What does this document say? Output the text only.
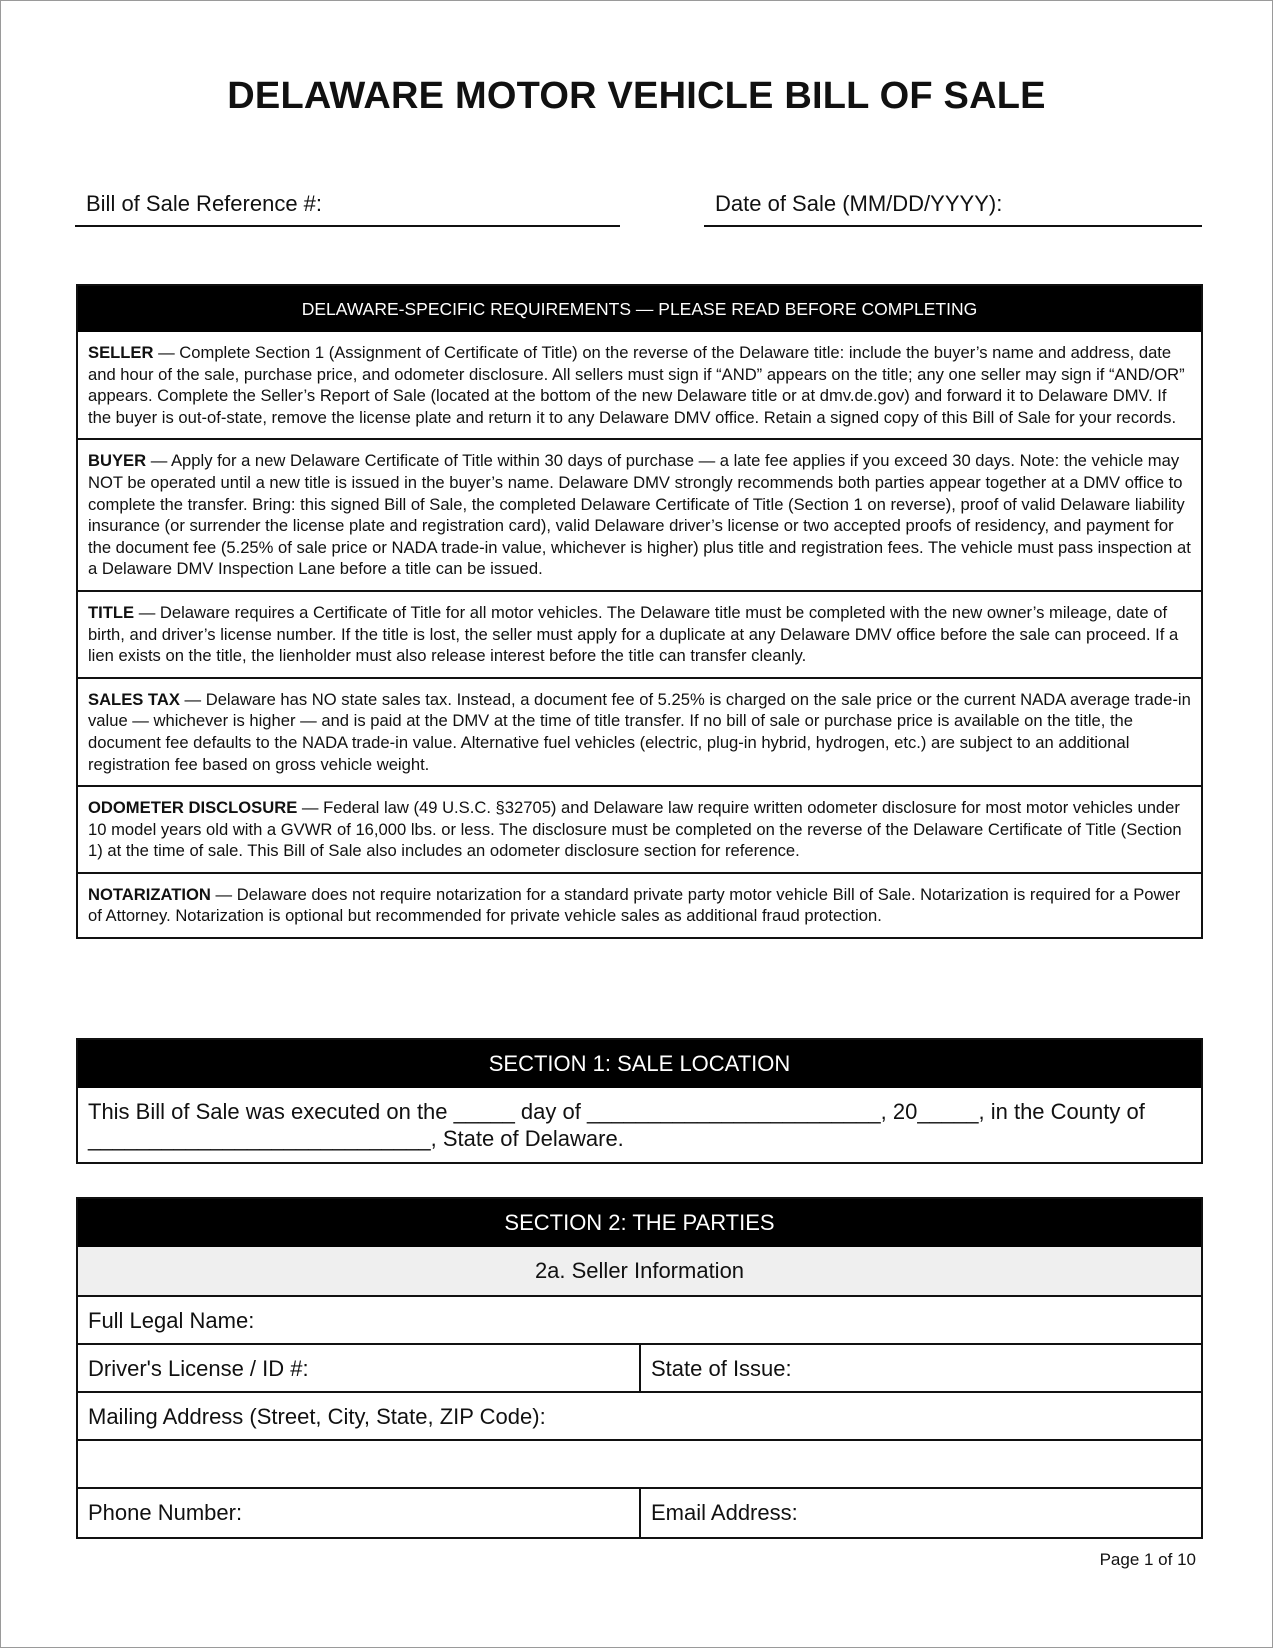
DELAWARE MOTOR VEHICLE BILL OF SALE
Bill of Sale Reference #:	Date of Sale (MM/DD/YYYY):
DELAWARE-SPECIFIC REQUIREMENTS — PLEASE READ BEFORE COMPLETING
SELLER — Complete Section 1 (Assignment of Certificate of Title) on the reverse of the Delaware title: include the buyer’s name and address, date and hour of the sale, purchase price, and odometer disclosure. All sellers must sign if “AND” appears on the title; any one seller may sign if “AND/OR” appears. Complete the Seller’s Report of Sale (located at the bottom of the new Delaware title or at dmv.de.gov) and forward it to Delaware DMV. If the buyer is out-of-state, remove the license plate and return it to any Delaware DMV office. Retain a signed copy of this Bill of Sale for your records.
BUYER — Apply for a new Delaware Certificate of Title within 30 days of purchase — a late fee applies if you exceed 30 days. Note: the vehicle may NOT be operated until a new title is issued in the buyer’s name. Delaware DMV strongly recommends both parties appear together at a DMV office to complete the transfer. Bring: this signed Bill of Sale, the completed Delaware Certificate of Title (Section 1 on reverse), proof of valid Delaware liability insurance (or surrender the license plate and registration card), valid Delaware driver’s license or two accepted proofs of residency, and payment for the document fee (5.25% of sale price or NADA trade-in value, whichever is higher) plus title and registration fees. The vehicle must pass inspection at a Delaware DMV Inspection Lane before a title can be issued.
TITLE — Delaware requires a Certificate of Title for all motor vehicles. The Delaware title must be completed with the new owner’s mileage, date of birth, and driver’s license number. If the title is lost, the seller must apply for a duplicate at any Delaware DMV office before the sale can proceed. If a lien exists on the title, the lienholder must also release interest before the title can transfer cleanly.
SALES TAX — Delaware has NO state sales tax. Instead, a document fee of 5.25% is charged on the sale price or the current NADA average trade-in value — whichever is higher — and is paid at the DMV at the time of title transfer. If no bill of sale or purchase price is available on the title, the document fee defaults to the NADA trade-in value. Alternative fuel vehicles (electric, plug-in hybrid, hydrogen, etc.) are subject to an additional registration fee based on gross vehicle weight.
ODOMETER DISCLOSURE — Federal law (49 U.S.C. §32705) and Delaware law require written odometer disclosure for most motor vehicles under 10 model years old with a GVWR of 16,000 lbs. or less. The disclosure must be completed on the reverse of the Delaware Certificate of Title (Section 1) at the time of sale. This Bill of Sale also includes an odometer disclosure section for reference.
NOTARIZATION — Delaware does not require notarization for a standard private party motor vehicle Bill of Sale. Notarization is required for a Power of Attorney. Notarization is optional but recommended for private vehicle sales as additional fraud protection.
SECTION 1: SALE LOCATION
This Bill of Sale was executed on the _____ day of ________________________, 20_____, in the County of ____________________________, State of Delaware.
SECTION 2: THE PARTIES
2a. Seller Information
Full Legal Name:
Driver's License / ID #:	State of Issue:
Mailing Address (Street, City, State, ZIP Code):
Phone Number:	Email Address:
Page 1 of 10
